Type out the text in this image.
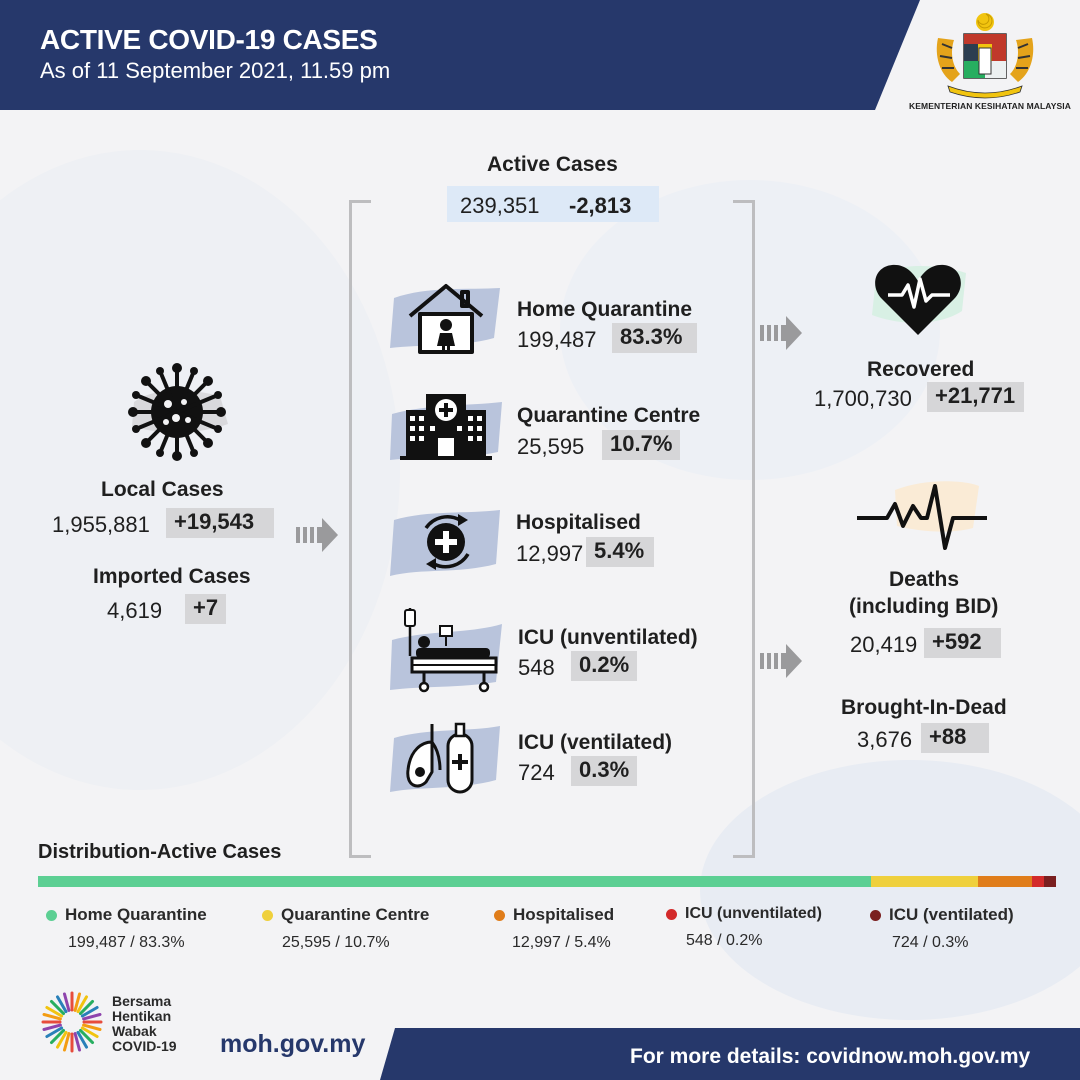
ACTIVE COVID-19 CASES
As of 11 September 2021, 11.59 pm
KEMENTERIAN KESIHATAN MALAYSIA
Active Cases
239,351 -2,813
Local Cases
1,955,881	+19,543
Imported Cases
4,619	+7
Home Quarantine
199,487	83.3%
Quarantine Centre
25,595	10.7%
Hospitalised
12,997 5.4%
ICU (unventilated)
548	0.2%
ICU (ventilated)
724	0.3%
Recovered
1,700,730	+21,771
Deaths
(including BID)
20,419 +592
Brought-In-Dead
3,676 +88
Distribution-Active Cases
Home Quarantine
199,487 / 83.3%
Quarantine Centre
25,595 / 10.7%
Hospitalised
12,997 / 5.4%
ICU (unventilated)
548 / 0.2%
ICU (ventilated)
724 / 0.3%
Bersama
Hentikan
Wabak
COVID-19 moh.gov.my	For more details: covidnow.moh.gov.my
